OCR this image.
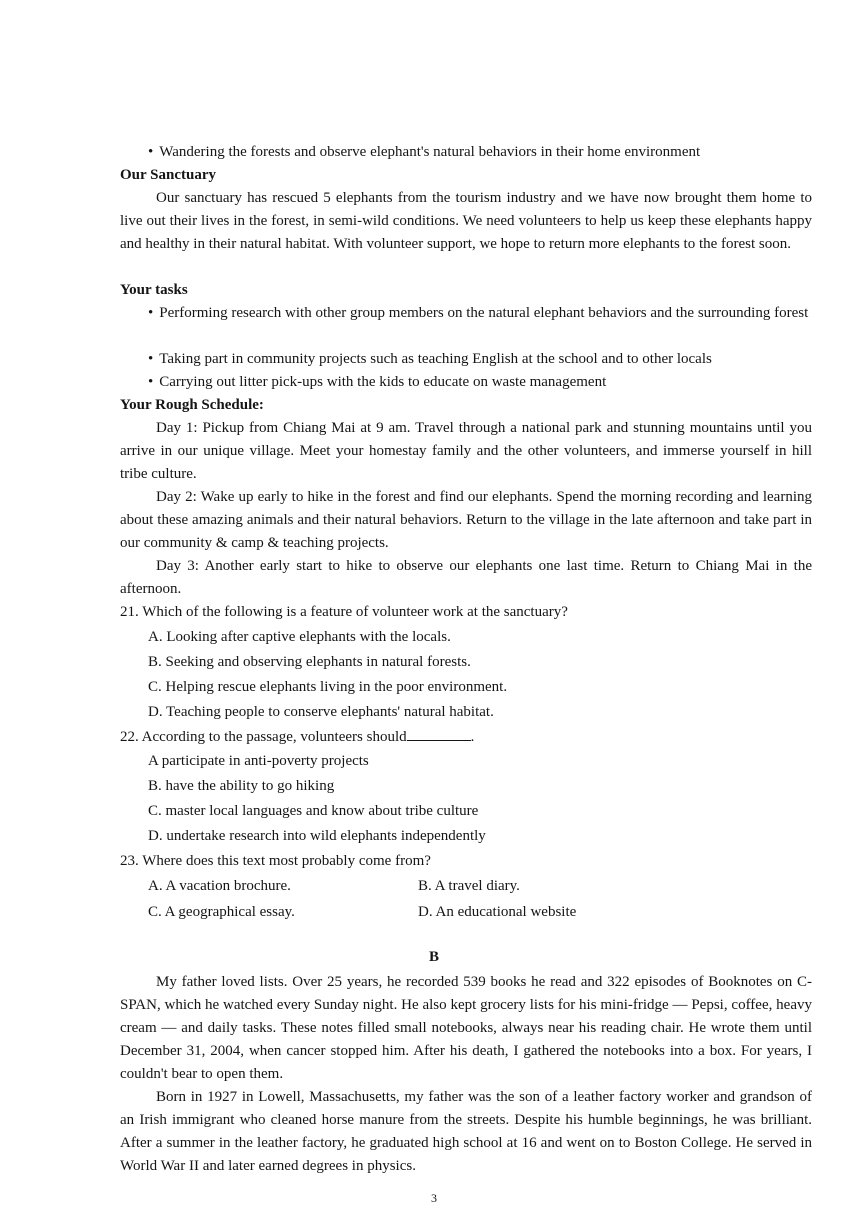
• Wandering the forests and observe elephant's natural behaviors in their home environment

Our Sanctuary

Our sanctuary has rescued 5 elephants from the tourism industry and we have now brought them home to live out their lives in the forest, in semi-wild conditions. We need volunteers to help us keep these elephants happy and healthy in their natural habitat. With volunteer support, we hope to return more elephants to the forest soon.

Your tasks

• Performing research with other group members on the natural elephant behaviors and the surrounding forest

• Taking part in community projects such as teaching English at the school and to other locals

• Carrying out litter pick-ups with the kids to educate on waste management

Your Rough Schedule:

Day 1: Pickup from Chiang Mai at 9 am. Travel through a national park and stunning mountains until you arrive in our unique village. Meet your homestay family and the other volunteers, and immerse yourself in hill tribe culture.

Day 2: Wake up early to hike in the forest and find our elephants. Spend the morning recording and learning about these amazing animals and their natural behaviors. Return to the village in the late afternoon and take part in our community & camp & teaching projects.

Day 3: Another early start to hike to observe our elephants one last time. Return to Chiang Mai in the afternoon.

21. Which of the following is a feature of volunteer work at the sanctuary?

A. Looking after captive elephants with the locals.

B. Seeking and observing elephants in natural forests.

C. Helping rescue elephants living in the poor environment.

D. Teaching people to conserve elephants' natural habitat.

22. According to the passage, volunteers should	.

A participate in anti-poverty projects

B. have the ability to go hiking

C. master local languages and know about tribe culture

D. undertake research into wild elephants independently

23. Where does this text most probably come from?

A. A vacation brochure.	B. A travel diary.

C. A geographical essay.	D. An educational website

B

My father loved lists. Over 25 years, he recorded 539 books he read and 322 episodes of Booknotes on C-SPAN, which he watched every Sunday night. He also kept grocery lists for his mini-fridge — Pepsi, coffee, heavy cream — and daily tasks. These notes filled small notebooks, always near his reading chair. He wrote them until December 31, 2004, when cancer stopped him. After his death, I gathered the notebooks into a box. For years, I couldn't bear to open them.

Born in 1927 in Lowell, Massachusetts, my father was the son of a leather factory worker and grandson of an Irish immigrant who cleaned horse manure from the streets. Despite his humble beginnings, he was brilliant. After a summer in the leather factory, he graduated high school at 16 and went on to Boston College. He served in World War II and later earned degrees in physics.

3
